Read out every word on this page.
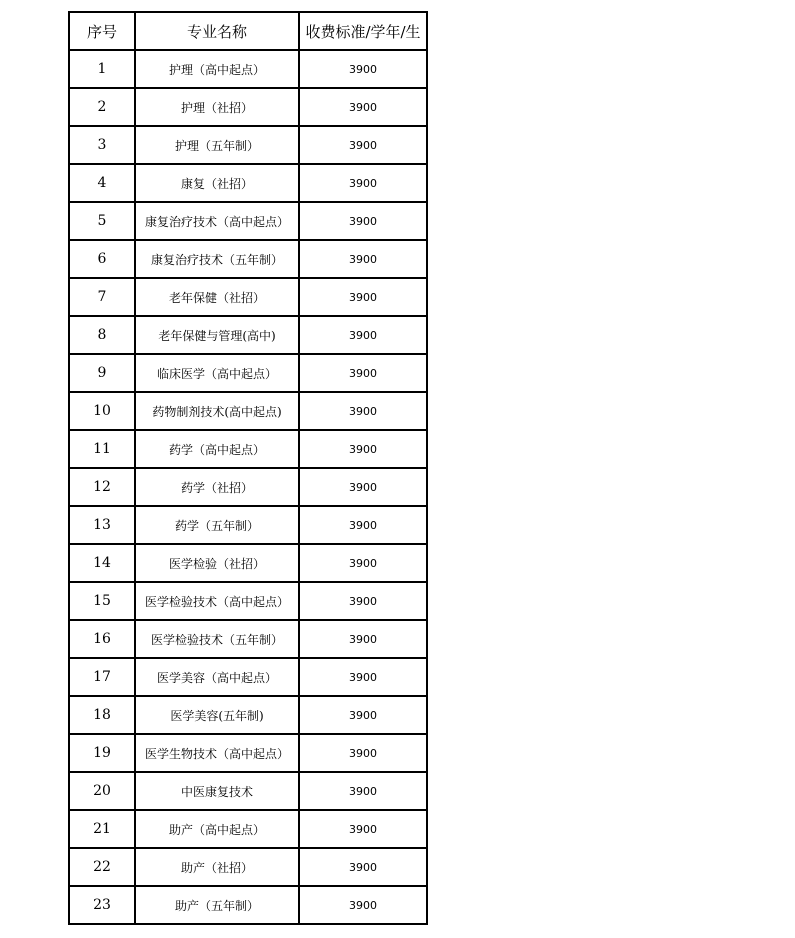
序号	专业名称	收费标准/学年/生
1	护理（高中起点）	3900
2	护理（社招）	3900
3	护理（五年制）	3900
4	康复（社招）	3900
5	康复治疗技术（高中起点）	3900
6	康复治疗技术（五年制）	3900
7	老年保健（社招）	3900
8	老年保健与管理(高中)	3900
9	临床医学（高中起点）	3900
10	药物制剂技术(高中起点)	3900
11	药学（高中起点）	3900
12	药学（社招）	3900
13	药学（五年制）	3900
14	医学检验（社招）	3900
15	医学检验技术（高中起点）	3900
16	医学检验技术（五年制）	3900
17	医学美容（高中起点）	3900
18	医学美容(五年制)	3900
19	医学生物技术（高中起点）	3900
20	中医康复技术	3900
21	助产（高中起点）	3900
22	助产（社招）	3900
23	助产（五年制）	3900
